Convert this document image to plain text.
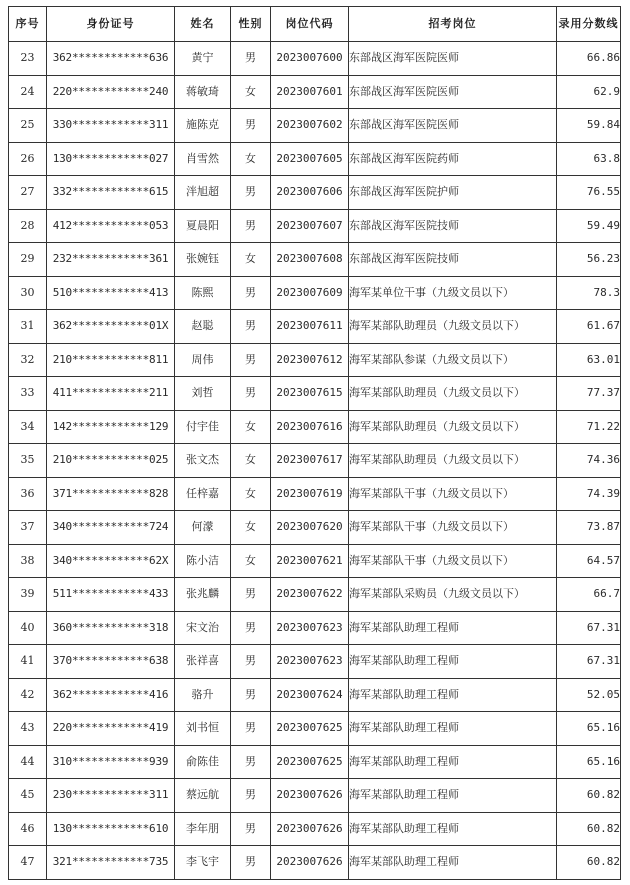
序号	身份证号	姓名	性别	岗位代码	招考岗位	录用分数线
23	362************636	黄宁	男	2023007600	东部战区海军医院医师	66.86
24	220************240	蒋敏琦	女	2023007601	东部战区海军医院医师	62.9
25	330************311	施陈克	男	2023007602	东部战区海军医院医师	59.84
26	130************027	肖雪然	女	2023007605	东部战区海军医院药师	63.8
27	332************615	泮旭超	男	2023007606	东部战区海军医院护师	76.55
28	412************053	夏晨阳	男	2023007607	东部战区海军医院技师	59.49
29	232************361	张婉钰	女	2023007608	东部战区海军医院技师	56.23
30	510************413	陈熙	男	2023007609	海军某单位干事（九级文员以下）	78.3
31	362************01X	赵聪	男	2023007611	海军某部队助理员（九级文员以下）	61.67
32	210************811	周伟	男	2023007612	海军某部队参谋（九级文员以下）	63.01
33	411************211	刘哲	男	2023007615	海军某部队助理员（九级文员以下）	77.37
34	142************129	付宇佳	女	2023007616	海军某部队助理员（九级文员以下）	71.22
35	210************025	张文杰	女	2023007617	海军某部队助理员（九级文员以下）	74.36
36	371************828	任梓嘉	女	2023007619	海军某部队干事（九级文员以下）	74.39
37	340************724	何濛	女	2023007620	海军某部队干事（九级文员以下）	73.87
38	340************62X	陈小洁	女	2023007621	海军某部队干事（九级文员以下）	64.57
39	511************433	张兆麟	男	2023007622	海军某部队采购员（九级文员以下）	66.7
40	360************318	宋文治	男	2023007623	海军某部队助理工程师	67.31
41	370************638	张祥喜	男	2023007623	海军某部队助理工程师	67.31
42	362************416	骆升	男	2023007624	海军某部队助理工程师	52.05
43	220************419	刘书恒	男	2023007625	海军某部队助理工程师	65.16
44	310************939	俞陈佳	男	2023007625	海军某部队助理工程师	65.16
45	230************311	蔡远航	男	2023007626	海军某部队助理工程师	60.82
46	130************610	李年朋	男	2023007626	海军某部队助理工程师	60.82
47	321************735	李飞宇	男	2023007626	海军某部队助理工程师	60.82
